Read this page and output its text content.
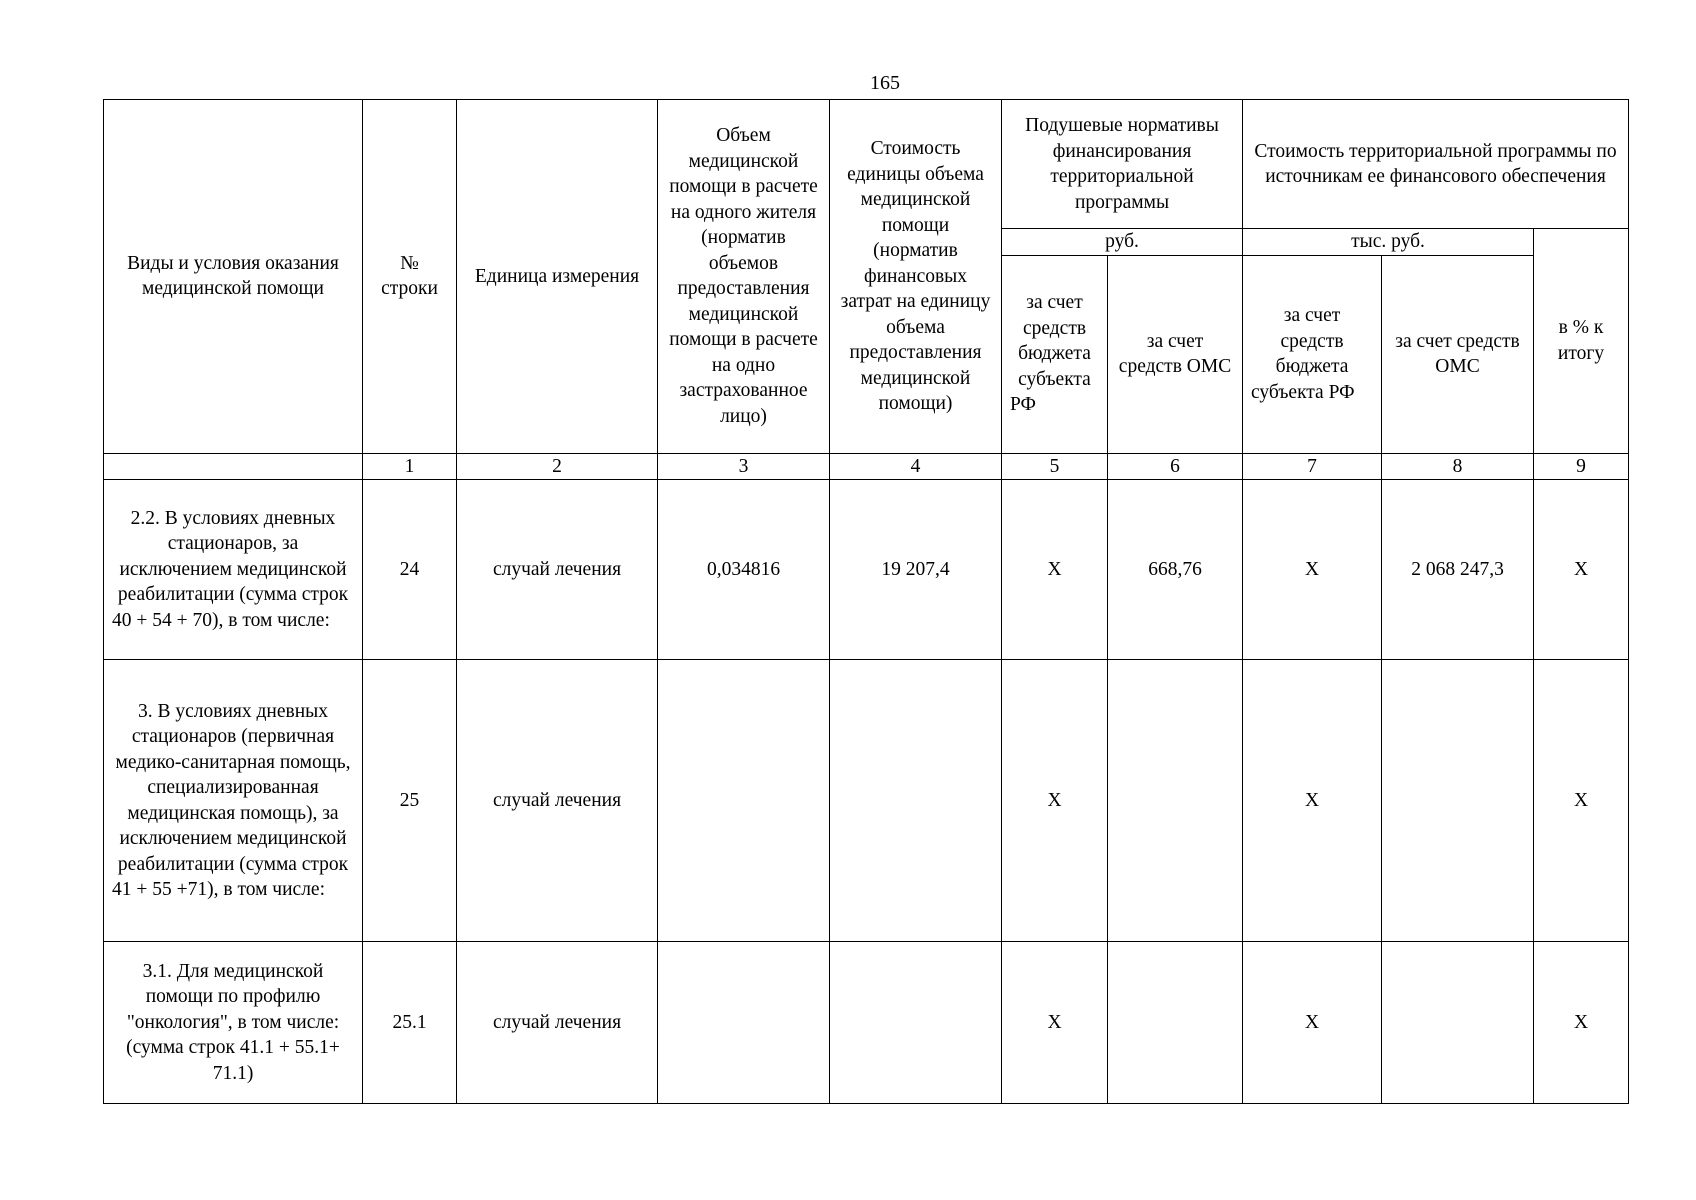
165
Виды и условия оказания медицинской помощи	№ строки	Единица измерения	Объем медицинской помощи в расчете на одного жителя (норматив объемов предоставления медицинской помощи в расчете на одно застрахованное лицо)	Стоимость единицы объема медицинской помощи (норматив финансовых затрат на единицу объема предоставления медицинской помощи)	Подушевые нормативы финансирования территориальной программы		Стоимость территориальной программы по источникам ее финансового обеспечения		
					руб.		тыс. руб.		в % к итогу
					за счет средств бюджета субъекта РФ	за счет средств ОМС	за счет средств бюджета субъекта РФ	за счет средств ОМС	
	1	2	3	4	5	6	7	8	9
2.2. В условиях дневных стационаров, за исключением медицинской реабилитации (сумма строк 40 + 54 + 70), в том числе:	24	случай лечения	0,034816	19 207,4	Х	668,76	Х	2 068 247,3	Х
3. В условиях дневных стационаров (первичная медико-санитарная помощь, специализированная медицинская помощь), за исключением медицинской реабилитации (сумма строк 41 + 55 +71), в том числе:	25	случай лечения			Х		Х		Х
3.1. Для медицинской помощи по профилю "онкология", в том числе: (сумма строк 41.1 + 55.1+ 71.1)	25.1	случай лечения			Х		Х		Х
